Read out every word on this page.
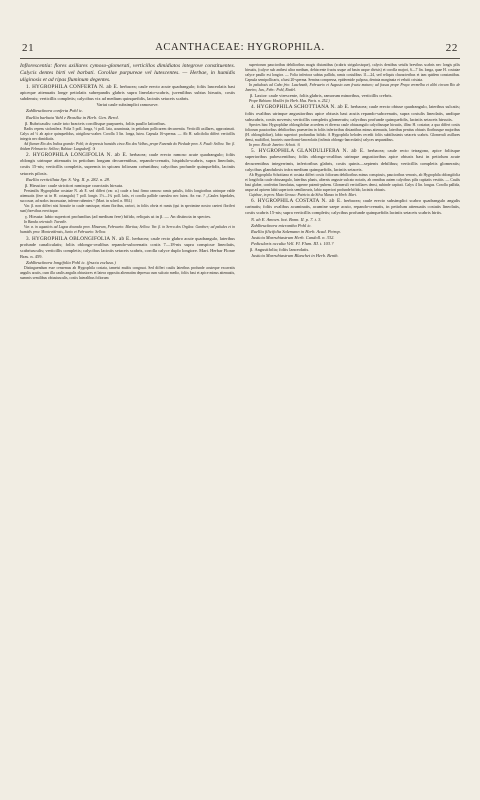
21	ACANTHACEAE: HYGROPHILA.	22

Inflorescentia: flores axillares cymoso-glomerati, verticillos dimidiatos integrove constituentes. Calycis dentes hirti vel barbati. Corollae purpureae vel lutescentes. — Herbae, in humidis uliginosis et ad ripas fluminum degentes.

1. HYGROPHILA CONFERTA N. ab E. herbacea; caule erecto acute quadrangulo; foliis lanceolatis basi apiceque attenuatis longe petiolatis subrepandis glabris supra lineolato-scabris, juvenilibus subtus hirsutis, costis subdensis; verticillis completis; calycibus vix ad medium quinquefidis, laciniis setaceis scabris.

Variat caule subsimplici ramosove.

Zahlbrucknera conferta Pohl ic.

Ruellia barbata Vahl e Brasilia in Herb. Gen. Berol.

β. Rubricaulis: caule toto bracteis corollisque purpureis, foliis paullo latioribus.

Radix repens stolonifera. Folia 5 poll. longa, ½ poll. lata, acuminata, in petiolum pollicarem decurrentia. Verticilli axillares, approximati. Calyx ad ⅓ ab apice quinquefidus, utrigiloso-scaber. Corolla 3 lin. longa, lutea. Capsula 16-sperma. — Ab H. salicifolia differt verticillis integris nec dimidiatis.

Ad flumen Rio dos Indios grande: Pohl; in depressis humidis circa Rio dos Velhas, prope Fazenda do Piedade prov. S. Pauli: Sellow. Var. β. ibidem Februario: Sellow; Bahiae: Langsdorff. ♃

2. HYGROPHILA LONGIFOLIA N. ab E. herbacea; caule erecto ramoso acute quadrangulo; foliis oblongis utrinque attenuatis in petiolum longum decurrentibus, repando-crenatis, hispidulo-scabris, supra lineolatis, costis 15-nis; verticillis completis, supremis in spicam foliosam coëuntibus; calycibus profunde quinquefidis, laciniis setaceis pilosis.

Ruellia verticillata Spr. S. Veg. II. p. 282. n. 28.

β. Hirsutior: caule strictiori ramisque coarctatis hirsuta.

Persimilis Hygrophilae costatae N. ab E. sed differt (var. α.) caule a basi firmo ramoso ramis patulis, foliis longioribus utrinque valde attenuatis (fere ut in H. octangula) 7 poll. longis 1½—1¾ poll. latis, et corolla pallide caerulea nec lutea. An var. ? „Caules bipedales, succosae, ad nodos incrassatae, inferne rubentes.“ (Mart. in sched. n. 884.)

Var. β. non differt nisi hirsutie in caule ramisque, etiam floribus, rariori, in foliis obvia et ramis (qui in speciminе nostro caeteri floriferi sunt) brevibus erectisque.

γ. Hirsuta: labio superiori profundius (ad medium fere) bifido, reliquis ut in β. — An distincta in species.

In Banda orientali: Tweedie.

Var. α. in aquaticis ad Lagoa dourada prov. Minarum, Februario: Martius; Sellow. Var. β. in Serra dos Orgãos: Gardner; ad paludes et in humidis prov. Montevidensis, Junio et Februario: Sellow.

3. HYGROPHILA OBLONGIFOLIA N. ab E. herbacea; caule recto glabro acute quadrangulo, lateribus profunde canaliculatis; foliis oblongo-ovalibus repando-subcrenatis costis 7—18-nis supra conspicue lineolatis, scabriusculis; verticillis completis; calycibus laciniis setaceis scabris, corolla calyce duplo longiore. Mart. Herbar Florae Bras. n. 459.

Zahlbrucknera longifolia Pohl ic. (fructu excluso.)

Distinguendum esse censemus ab Hygrophila costata, tametsi multis congruat. Sed differt caulis lateribus profunde acuteque excavatis angulis acutis, cum illa caulis angulis obtusiores et latera opposita alternatim depressa cum sulcato medio, foliis basi et apice minus attenuatis, summis semilibus obtusiusculis, costis lateralibus foliorum

superiorum paucioribus debilioribus magis distantibus (scabris strigulosisque), calycis dentibus setulis brevibus scabris nec longis pilis hirsutis, (calyce sub anthesi ultra medium, dehiscente fructu usque ad basin usque divisis) et corolla majori, 6—7 lin. longa, quae H. costatae calyce paullo est longior. — Folia inferiora subtus pallida, ramis costulibus 11—24, sed reliquis characteribus et tam quidem constantibus. Capsula semipollicaris, a basi 20-sperma. Semina compressa, epidermide pulposa, dentata marginata et velutii cristata.

In paludosis ad Cabo frio: Luschnath, Februario et Augusto cum fructu maturo; ad fossas prope Praya vermelha et alibi circum Rio de Janeiro, Jan., Febr.: Pohl, Riedel.

β. Laxior: caule virescente, foliis glabris, ramorum minoribus, verticillis crebris.

Prope Bahiam: Houllet (in Herb. Mus. Paris. n. 252.)

4. HYGROPHILA SCHOTTIANA N. ab E. herbacea; caule erecto obtuse quadrangulo, lateribus sulcatis; foliis ovalibus utrinque angustioribus apice obtusis basi acutis repando-subcrenatis, supra costulis lineolatis, undique subscabris, costis novenis; verticillis completis glomeratis; calycibus profunde quinquefidis, laciniis setaceis hirsutis.

Species hinc Hygrophilae oblongifoliae accedens et diversa caule obtusangulo calycibusque hirsutis, illinc H. costatae, a qua differt costis foliorum paucioribus debilioribus praesertim in foliis inferioribus distantibus minus attenuatis, lateribus penitus obtusis floribusque majoribus (H. oblongifoliae), labio superiori profundius bifido. A Hygrophila helodes recedit foliis subtilissimis setaceis scabris. Glomeruli axillares densi, multiflori, bracteis cuneiformi-lanceolatis (infimis oblongo-lanceolatis) calyces aequantibus.

In prov. Rio de Janeiro: Schott. ♃

5. HYGROPHILA GLANDULIFERA N. ab E. herbacea; caule recto tetragono, apice foliisque superioribus pubescentibus; foliis oblongo-ovalibus utrinque angustioribus apice obtusis basi in petiolum acute decurrentibus integerrimis, inferioribus glabris, costis quinis—septenis debilibus; verticillis completis glomeratis; calycibus glandulosis infra medium quinquefidis, laciniis setaceis.

Ab Hygrophila Schottiana et costata differt costis foliorum debilioribus minus conspicuis, paucioribus venosis, ab Hygrophila oblongifolia et longifolia caule obtusangulo, lateribus planis, alternis anguste sulcato notatis, ab omnibus autem calycibus pilis capitatis vestitis. — Caulis basi glaber, confertim lineolatus, superne patenti-pubens. Glomeruli verticillares densi, subinde capitati. Calyx 4 lin. longus. Corolla pallida, usque ad apicem labii superioris semilinearis, labio superiori profunde bifido, laciniis obtusis.

Cujabae, in prov. Mato Grosso: Patricio da Silva Manso in Herb. Mart.

6. HYGROPHILA COSTATA N. ab E. herbacea; caule erecto subsimplici scabro quadrangulo angulis carinatis; foliis ovalibus acuminatis, acumine saepe acuto, repando-crenatis, in petiolum attenuatis costatis lineolatis, costis scabris 15-nis; supra verticillis completis; calycibus profunde quinquefidis laciniis setaceis scabris hirtis.

N. ab E. Amoen. bot. Bonn. II. p. 7. t. 3.

Zahlbrucknera micrantha Pohl ic.

Ruellia filicifolia Salzmann in Herb. Acad. Petrop.

Justicia Marrubiastrum Herb. Candoll. n. 332.

Pedicularis occulta Vell. Fl. Flum. III. t. 103.?

β. Angustifolia; foliis lanceolatis.

Justicia Marrubiastrum Blanchet in Herb. Benth.
